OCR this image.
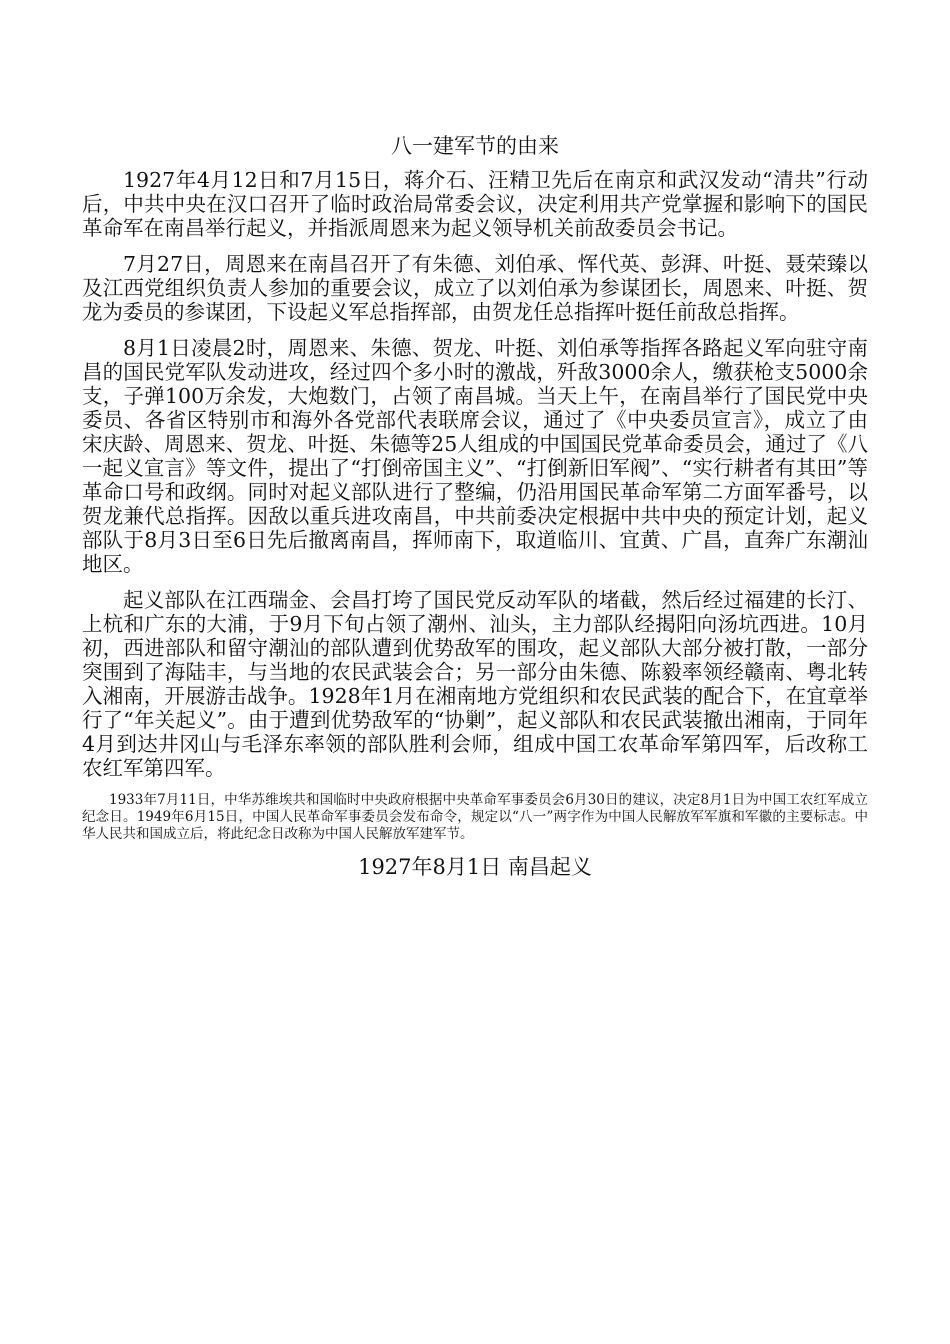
八一建军节的由来

1927年4月12日和7月15日，蒋介石、汪精卫先后在南京和武汉发动“清共”行动后，中共中央在汉口召开了临时政治局常委会议，决定利用共产党掌握和影响下的国民革命军在南昌举行起义，并指派周恩来为起义领导机关前敌委员会书记。

7月27日，周恩来在南昌召开了有朱德、刘伯承、恽代英、彭湃、叶挺、聂荣臻以及江西党组织负责人参加的重要会议，成立了以刘伯承为参谋团长，周恩来、叶挺、贺龙为委员的参谋团，下设起义军总指挥部，由贺龙任总指挥叶挺任前敌总指挥。

8月1日凌晨2时，周恩来、朱德、贺龙、叶挺、刘伯承等指挥各路起义军向驻守南昌的国民党军队发动进攻，经过四个多小时的激战，歼敌3000余人，缴获枪支5000余支，子弹100万余发，大炮数门，占领了南昌城。当天上午，在南昌举行了国民党中央委员、各省区特别市和海外各党部代表联席会议，通过了《中央委员宣言》，成立了由宋庆龄、周恩来、贺龙、叶挺、朱德等25人组成的中国国民党革命委员会，通过了《八一起义宣言》等文件，提出了“打倒帝国主义”、“打倒新旧军阀”、“实行耕者有其田”等革命口号和政纲。同时对起义部队进行了整编，仍沿用国民革命军第二方面军番号，以贺龙兼代总指挥。因敌以重兵进攻南昌，中共前委决定根据中共中央的预定计划，起义部队于8月3日至6日先后撤离南昌，挥师南下，取道临川、宜黄、广昌，直奔广东潮汕地区。

起义部队在江西瑞金、会昌打垮了国民党反动军队的堵截，然后经过福建的长汀、上杭和广东的大浦，于9月下旬占领了潮州、汕头，主力部队经揭阳向汤坑西进。10月初，西进部队和留守潮汕的部队遭到优势敌军的围攻，起义部队大部分被打散，一部分突围到了海陆丰，与当地的农民武装会合；另一部分由朱德、陈毅率领经赣南、粤北转入湘南，开展游击战争。1928年1月在湘南地方党组织和农民武装的配合下，在宜章举行了“年关起义”。由于遭到优势敌军的“协剿”，起义部队和农民武装撤出湘南，于同年4月到达井冈山与毛泽东率领的部队胜利会师，组成中国工农革命军第四军，后改称工农红军第四军。

1933年7月11日，中华苏维埃共和国临时中央政府根据中央革命军事委员会6月30日的建议，决定8月1日为中国工农红军成立纪念日。1949年6月15日，中国人民革命军事委员会发布命令，规定以“八一”两字作为中国人民解放军军旗和军徽的主要标志。中华人民共和国成立后，将此纪念日改称为中国人民解放军建军节。

1927年8月1日 南昌起义
